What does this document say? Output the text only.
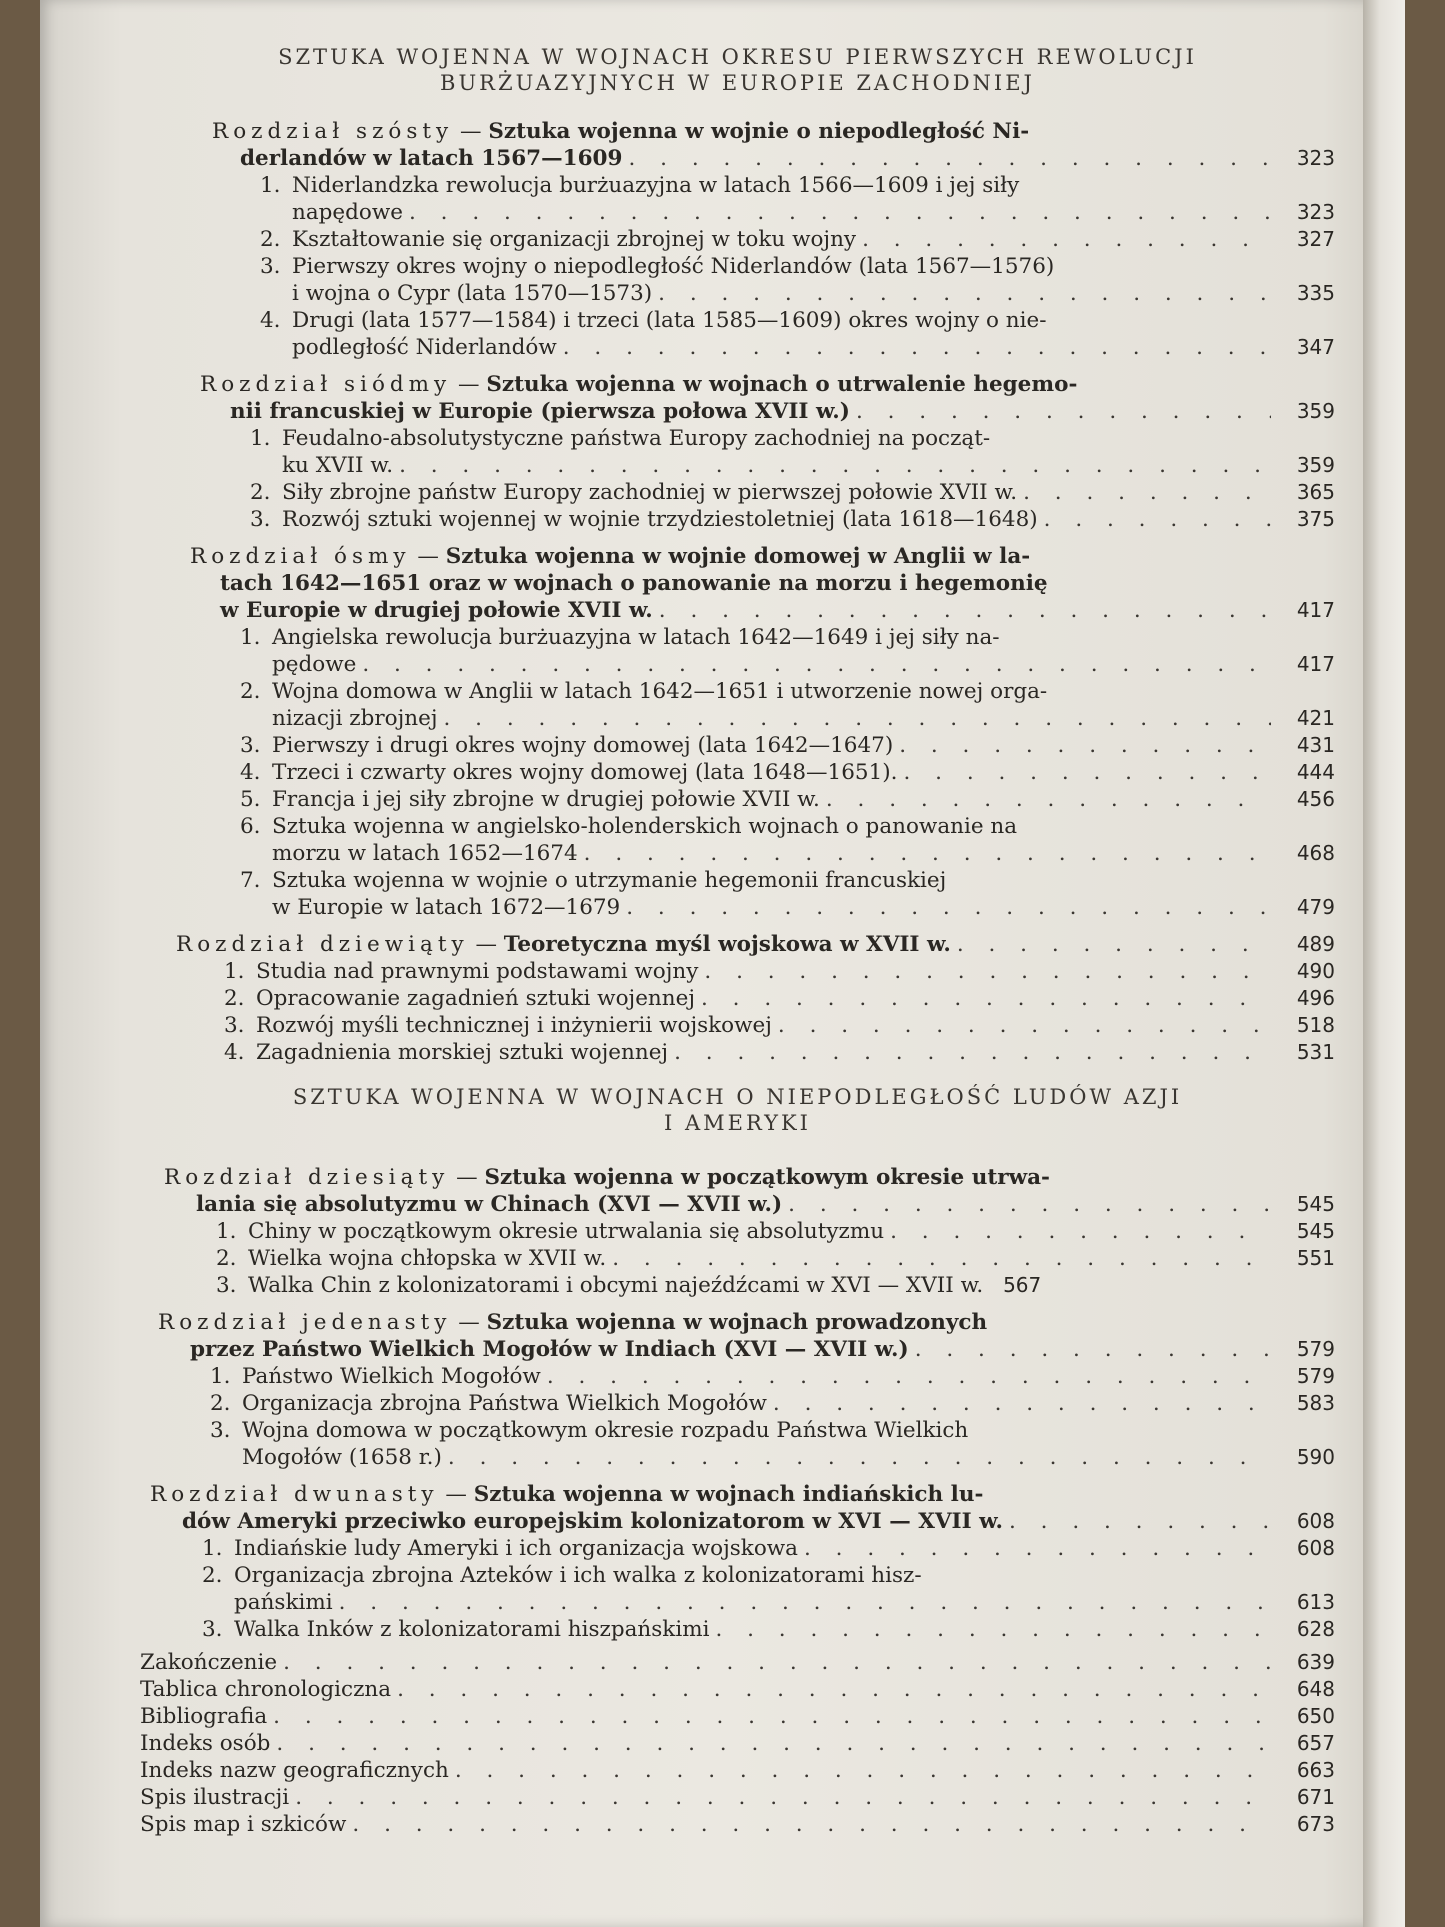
SZTUKA WOJENNA W WOJNACH OKRESU PIERWSZYCH REWOLUCJI
BURŻUAZYJNYCH W EUROPIE ZACHODNIEJ
Rozdział szósty — Sztuka wojenna w wojnie o niepodległość Ni-
derlandów w latach 1567—1609 . . .	323
1. Niderlandzka rewolucja burżuazyjna w latach 1566—1609 i jej siły
napędowe . . .	323
2. Kształtowanie się organizacji zbrojnej w toku wojny . . .	327
3. Pierwszy okres wojny o niepodległość Niderlandów (lata 1567—1576)
i wojna o Cypr (lata 1570—1573) . . .	335
4. Drugi (lata 1577—1584) i trzeci (lata 1585—1609) okres wojny o nie-
podległość Niderlandów . . .	347
Rozdział siódmy — Sztuka wojenna w wojnach o utrwalenie hegemo-
nii francuskiej w Europie (pierwsza połowa XVII w.) . . .	359
1. Feudalno-absolutystyczne państwa Europy zachodniej na począt-
ku XVII w. . . .	359
2. Siły zbrojne państw Europy zachodniej w pierwszej połowie XVII w. . . .	365
3. Rozwój sztuki wojennej w wojnie trzydziestoletniej (lata 1618—1648) . . .	375
Rozdział ósmy — Sztuka wojenna w wojnie domowej w Anglii w la-
tach 1642—1651 oraz w wojnach o panowanie na morzu i hegemonię
w Europie w drugiej połowie XVII w. . . .	417
1. Angielska rewolucja burżuazyjna w latach 1642—1649 i jej siły na-
pędowe . . .	417
2. Wojna domowa w Anglii w latach 1642—1651 i utworzenie nowej orga-
nizacji zbrojnej . . .	421
3. Pierwszy i drugi okres wojny domowej (lata 1642—1647) . . .	431
4. Trzeci i czwarty okres wojny domowej (lata 1648—1651). . . .	444
5. Francja i jej siły zbrojne w drugiej połowie XVII w. . . .	456
6. Sztuka wojenna w angielsko-holenderskich wojnach o panowanie na
morzu w latach 1652—1674 . . .	468
7. Sztuka wojenna w wojnie o utrzymanie hegemonii francuskiej
w Europie w latach 1672—1679 . . .	479
Rozdział dziewiąty — Teoretyczna myśl wojskowa w XVII w. . . .	489
1. Studia nad prawnymi podstawami wojny . . .	490
2. Opracowanie zagadnień sztuki wojennej . . .	496
3. Rozwój myśli technicznej i inżynierii wojskowej . . .	518
4. Zagadnienia morskiej sztuki wojennej . . .	531
SZTUKA WOJENNA W WOJNACH O NIEPODLEGŁOŚĆ LUDÓW AZJI
I AMERYKI
Rozdział dziesiąty — Sztuka wojenna w początkowym okresie utrwa-
lania się absolutyzmu w Chinach (XVI — XVII w.) . . .	545
1. Chiny w początkowym okresie utrwalania się absolutyzmu . . .	545
2. Wielka wojna chłopska w XVII w. . . .	551
3. Walka Chin z kolonizatorami i obcymi najeźdźcami w XVI — XVII w. 567
Rozdział jedenasty — Sztuka wojenna w wojnach prowadzonych
przez Państwo Wielkich Mogołów w Indiach (XVI — XVII w.) . . .	579
1. Państwo Wielkich Mogołów . . .	579
2. Organizacja zbrojna Państwa Wielkich Mogołów . . .	583
3. Wojna domowa w początkowym okresie rozpadu Państwa Wielkich
Mogołów (1658 r.) . . .	590
Rozdział dwunasty — Sztuka wojenna w wojnach indiańskich lu-
dów Ameryki przeciwko europejskim kolonizatorom w XVI — XVII w. . . .	608
1. Indiańskie ludy Ameryki i ich organizacja wojskowa . . .	608
2. Organizacja zbrojna Azteków i ich walka z kolonizatorami hisz-
pańskimi . . .	613
3. Walka Inków z kolonizatorami hiszpańskimi . . .	628
Zakończenie . . .	639
Tablica chronologiczna . . .	648
Bibliografia . . .	650
Indeks osób . . .	657
Indeks nazw geograficznych . . .	663
Spis ilustracji . . .	671
Spis map i szkiców . . .	673
